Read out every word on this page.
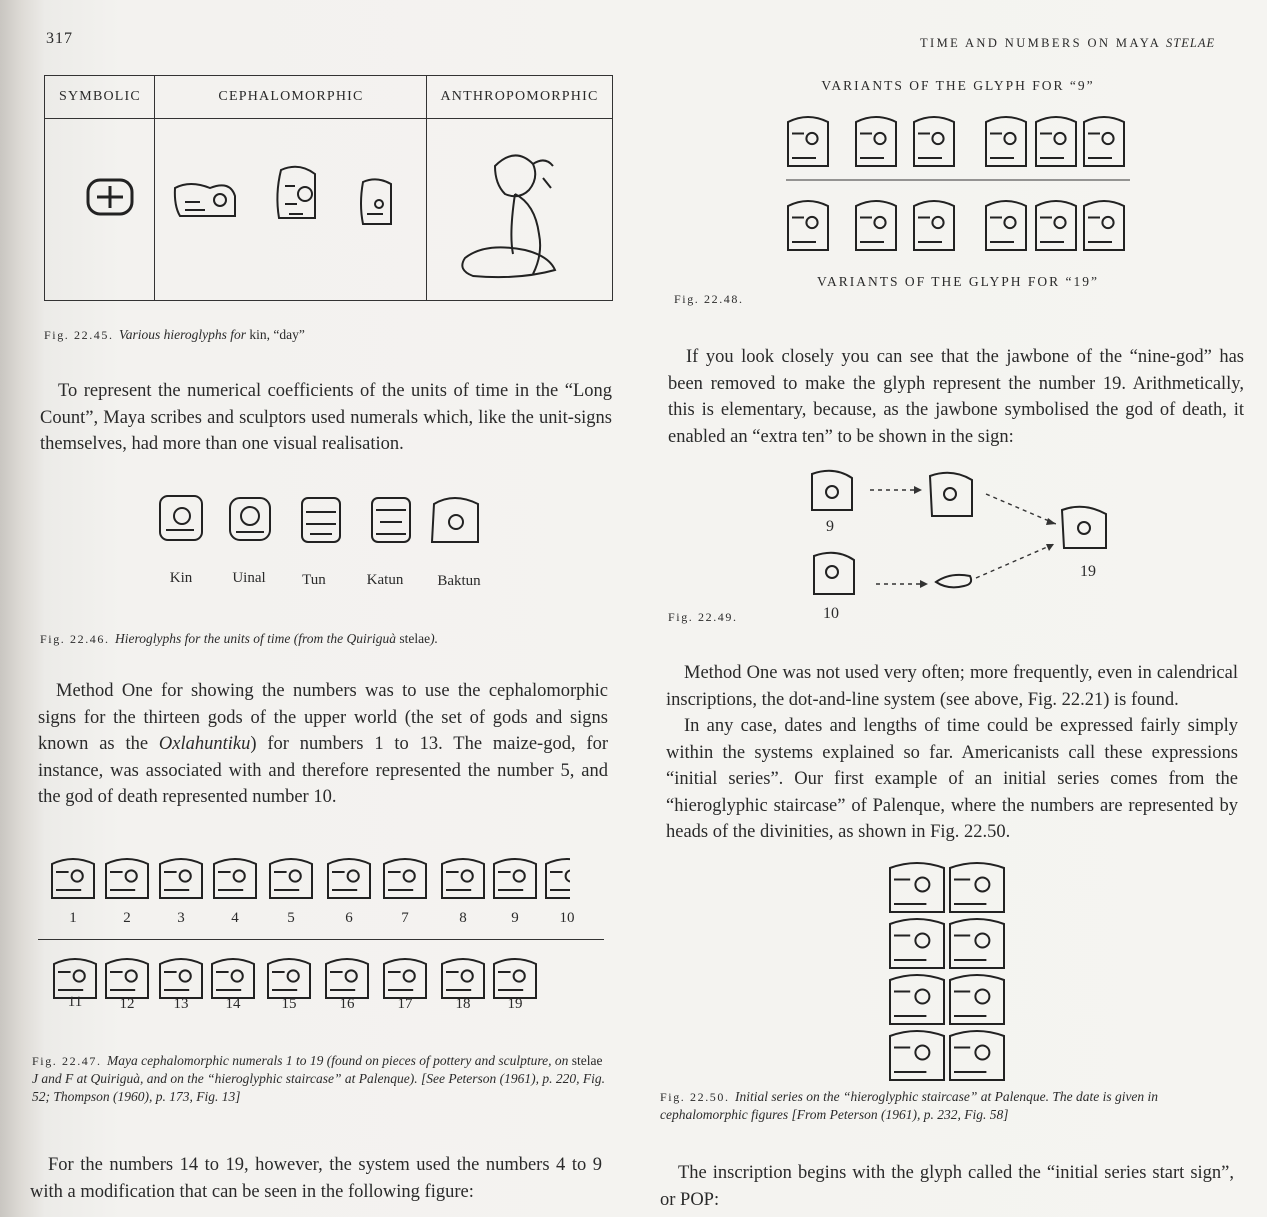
317	TIME AND NUMBERS ON MAYA STELAE
SYMBOLIC	CEPHALOMORPHIC	ANTHROPOMORPHIC
Fig. 22.45. Various hieroglyphs for kin, “day”

To represent the numerical coefficients of the units of time in the “Long Count”, Maya scribes and sculptors used numerals which, like the unit-signs themselves, had more than one visual realisation.

Kin	Uinal	Tun	Katun	Baktun
Fig. 22.46. Hieroglyphs for the units of time (from the Quiriguà stelae).

Method One for showing the numbers was to use the cephalomorphic signs for the thirteen gods of the upper world (the set of gods and signs known as the Oxlahuntiku) for numbers 1 to 13. The maize-god, for instance, was associated with and therefore represented the number 5, and the god of death represented number 10.

1	2	3	4	5	6	7	8	9	10
11	12	13	14	15	16	17	18	19
Fig. 22.47. Maya cephalomorphic numerals 1 to 19 (found on pieces of pottery and sculpture, on stelae J and F at Quiriguà, and on the “hieroglyphic staircase” at Palenque). [See Peterson (1961), p. 220, Fig. 52; Thompson (1960), p. 173, Fig. 13]

For the numbers 14 to 19, however, the system used the numbers 4 to 9 with a modification that can be seen in the following figure:

VARIANTS OF THE GLYPH FOR “9”
VARIANTS OF THE GLYPH FOR “19”
Fig. 22.48.

If you look closely you can see that the jawbone of the “nine-god” has been removed to make the glyph represent the number 19. Arithmetically, this is elementary, because, as the jawbone symbolised the god of death, it enabled an “extra ten” to be shown in the sign:

9
10
19
Fig. 22.49.

Method One was not used very often; more frequently, even in calendrical inscriptions, the dot-and-line system (see above, Fig. 22.21) is found.

In any case, dates and lengths of time could be expressed fairly simply within the systems explained so far. Americanists call these expressions “initial series”. Our first example of an initial series comes from the “hieroglyphic staircase” of Palenque, where the numbers are represented by heads of the divinities, as shown in Fig. 22.50.

Fig. 22.50. Initial series on the “hieroglyphic staircase” at Palenque. The date is given in cephalomorphic figures [From Peterson (1961), p. 232, Fig. 58]

The inscription begins with the glyph called the “initial series start sign”, or POP:
